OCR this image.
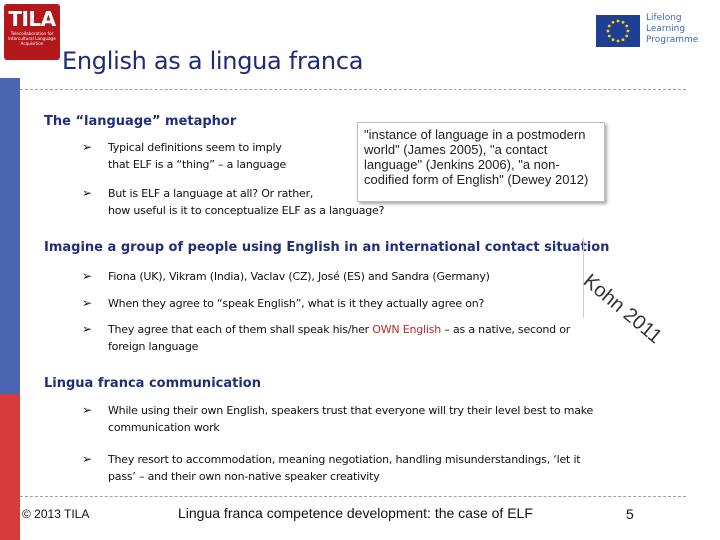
TILA
Telecollaboration for Intercultural Language Acquisition
Lifelong
Learning
Programme
English as a lingua franca
The “language” metaphor
➢ Typical definitions seem to imply
that ELF is a “thing” – a language
➢ But is ELF a language at all? Or rather,
how useful is it to conceptualize ELF as a language?
"instance of language in a postmodern
world" (James 2005), "a contact
language" (Jenkins 2006), "a non-
codified form of English" (Dewey 2012)
Imagine a group of people using English in an international contact situation
➢ Fiona (UK), Vikram (India), Vaclav (CZ), José (ES) and Sandra (Germany)
➢ When they agree to “speak English”, what is it they actually agree on?
➢ They agree that each of them shall speak his/her OWN English – as a native, second or
foreign language	Kohn 2011
Lingua franca communication
➢ While using their own English, speakers trust that everyone will try their level best to make
communication work
➢ They resort to accommodation, meaning negotiation, handling misunderstandings, ‘let it
pass’ – and their own non-native speaker creativity
© 2013 TILA	Lingua franca competence development: the case of ELF	5
